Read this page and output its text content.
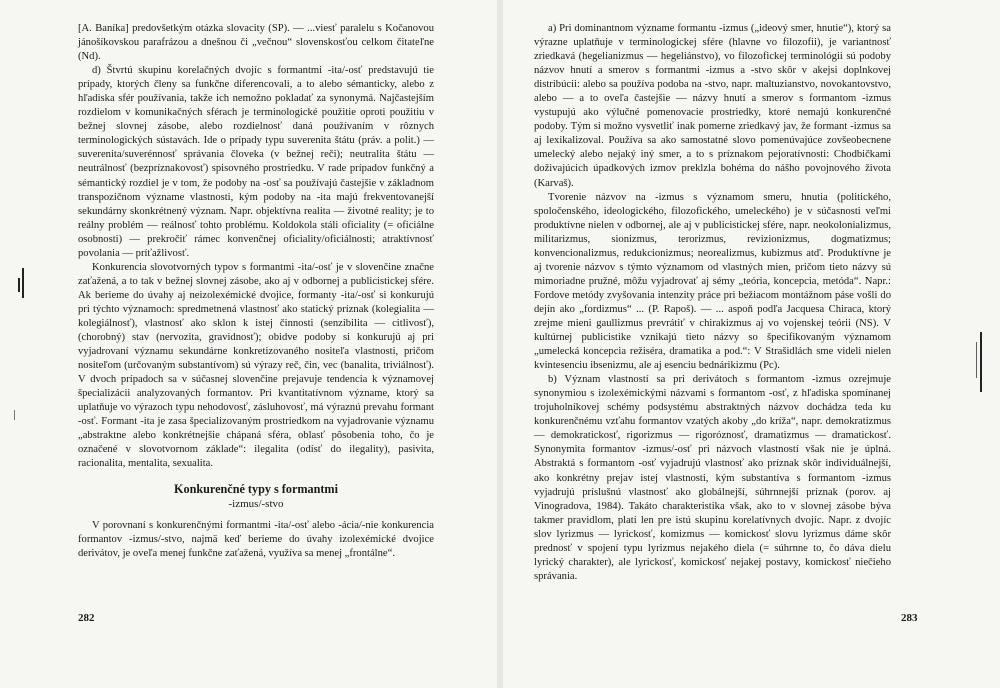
[A. Baníka] predovšetkým otázka slovacity (SP). — ...viesť paralelu s Kočanovou jánošíkovskou parafrázou a dnešnou či „večnou“ slovenskosťou celkom čitateľne (Nd).

d) Štvrtú skupinu korelačných dvojíc s formantmi -ita/-osť predstavujú tie prípady, ktorých členy sa funkčne diferencovali, a to alebo sémanticky, alebo z hľadiska sfér používania, takže ich nemožno pokladať za synonymá. Najčastejším rozdielom v komunikačných sférach je terminologické použitie oproti použitiu v bežnej slovnej zásobe, alebo rozdielnosť daná používaním v rôznych terminologických sústavách. Ide o prípady typu suverenita štátu (práv. a polit.) — suverenita/suverénnosť správania človeka (v bežnej reči); neutralita štátu — neutrálnosť (bezpríznakovosť) spisovného prostriedku. V rade prípadov funkčný a sémantický rozdiel je v tom, že podoby na -osť sa používajú častejšie v základnom transpozičnom význame vlastnosti, kým podoby na -ita majú frekventovanejší sekundárny skonkrétnený význam. Napr. objektívna realita — životné reality; je to reálny problém — reálnosť tohto problému. Koldokola stáli oficiality (= oficiálne osobnosti) — prekročiť rámec konvenčnej oficiality/oficiálnosti; atraktívnosť povolania — príťažlivosť.

Konkurencia slovotvorných typov s formantmi -ita/-osť je v slovenčine značne zaťažená, a to tak v bežnej slovnej zásobe, ako aj v odbornej a publicistickej sfére. Ak berieme do úvahy aj neizolexémické dvojice, formanty -ita/-osť si konkurujú pri týchto významoch: spredmetnená vlastnosť ako statický príznak (kolegialita — kolegiálnosť), vlastnosť ako sklon k istej činnosti (senzibilita — citlivosť), (chorobný) stav (nervozita, gravidnosť); obidve podoby si konkurujú aj pri vyjadrovaní významu sekundárne konkretizovaného nositeľa vlastnosti, pričom nositeľom (určovaným substantívom) sú výrazy reč, čin, vec (banalita, triviálnosť). V dvoch prípadoch sa v súčasnej slovenčine prejavuje tendencia k významovej špecializácii analyzovaných formantov. Pri kvantitatívnom význame, ktorý sa uplatňuje vo výrazoch typu nehodovosť, zásluhovosť, má výraznú prevahu formant -osť. Formant -ita je zasa špecializovaným prostriedkom na vyjadrovanie významu „abstraktne alebo konkrétnejšie chápaná sféra, oblasť pôsobenia toho, čo je označené v slovotvornom základe“: ilegalita (odísť do ilegality), pasivita, racionalita, mentalita, sexualita.

Konkurenčné typy s formantmi

-izmus/-stvo

V porovnaní s konkurenčnými formantmi -ita/-osť alebo -ácia/-nie konkurencia formantov -izmus/-stvo, najmä keď berieme do úvahy izolexémické dvojice derivátov, je oveľa menej funkčne zaťažená, využíva sa menej „frontálne“.

282

a) Pri dominantnom význame formantu -izmus („ideový smer, hnutie“), ktorý sa výrazne uplatňuje v terminologickej sfére (hlavne vo filozofii), je variantnosť zriedkavá (hegelianizmus — hegeliánstvo), vo filozofickej terminológii sú podoby názvov hnutí a smerov s formantmi -izmus a -stvo skôr v akejsi doplnkovej distribúcii: alebo sa používa podoba na -stvo, napr. maltuzianstvo, novokantovstvo, alebo — a to oveľa častejšie — názvy hnutí a smerov s formantom -izmus vystupujú ako výlučné pomenovacie prostriedky, ktoré nemajú konkurenčné podoby. Tým si možno vysvetliť inak pomerne zriedkavý jav, že formant -izmus sa aj lexikalizoval. Používa sa ako samostatné slovo pomenúvajúce zovšeobecnene umelecký alebo nejaký iný smer, a to s príznakom pejoratívnosti: Chodbičkami doživajúcich úpadkových izmov preklzla bohéma do nášho povojnového života (Karvaš).

Tvorenie názvov na -izmus s významom smeru, hnutia (politického, spoločenského, ideologického, filozofického, umeleckého) je v súčasnosti veľmi produktívne nielen v odbornej, ale aj v publicistickej sfére, napr. neokolonializmus, militarizmus, sionizmus, terorizmus, revizionizmus, dogmatizmus; konvencionalizmus, redukcionizmus; neorealizmus, kubizmus atď. Produktívne je aj tvorenie názvov s týmto významom od vlastných mien, pričom tieto názvy sú mimoriadne pružné, môžu vyjadrovať aj sémy „teória, koncepcia, metóda“. Napr.: Fordove metódy zvyšovania intenzity práce pri bežiacom montážnom páse vošli do dejín ako „fordizmus“ ... (P. Rapoš). — ... aspoň podľa Jacquesa Chiraca, ktorý zrejme mieni gaullizmus prevrátiť v chirakizmus aj vo vojenskej teórii (NS). V kultúrnej publicistike vznikajú tieto názvy so špecifikovaným významom „umelecká koncepcia režiséra, dramatika a pod.“: V Strašidlách sme videli nielen kvintesenciu ibsenizmu, ale aj esenciu bednárikizmu (Pc).

b) Význam vlastností sa pri derivátoch s formantom -izmus ozrejmuje synonymiou s izolexémickými názvami s formantom -osť, z hľadiska spomínanej trojuholníkovej schémy podsystému abstraktných názvov dochádza teda ku konkurenčnému vzťahu formantov vzatých akoby „do kríža“, napr. demokratizmus — demokratickosť, rigorizmus — rigoróznosť, dramatizmus — dramatickosť. Synonymita formantov -izmus/-osť pri názvoch vlastností však nie je úplná. Abstraktá s formantom -osť vyjadrujú vlastnosť ako príznak skôr individuálnejší, ako konkrétny prejav istej vlastnosti, kým substantíva s formantom -izmus vyjadrujú príslušnú vlastnosť ako globálnejší, súhrnnejší príznak (porov. aj Vinogradova, 1984). Takáto charakteristika však, ako to v slovnej zásobe býva takmer pravidlom, platí len pre istú skupinu korelatívnych dvojíc. Napr. z dvojíc slov lyrizmus — lyrickosť, komizmus — komickosť slovu lyrizmus dáme skôr prednosť v spojení typu lyrizmus nejakého diela (= súhrnne to, čo dáva dielu lyrický charakter), ale lyrickosť, komickosť nejakej postavy, komickosť niečieho správania.

283
